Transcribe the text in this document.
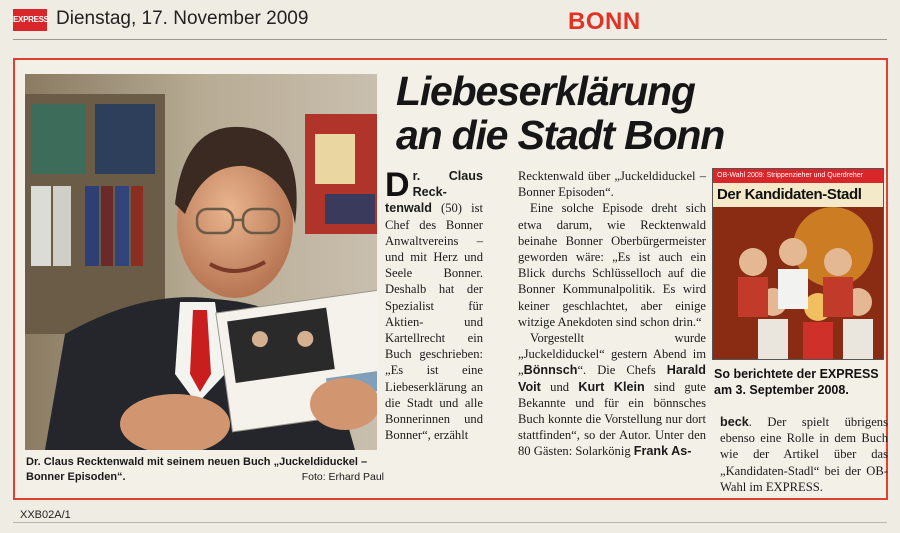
EXPRESS Dienstag, 17. November 2009	BONN
Dr. Claus Recktenwald mit seinem neuen Buch „Juckeldiduckel – Bonner Episoden“.	Foto: Erhard Paul
Liebeserklärung
an die Stadt Bonn

Dr. Claus Recktenwald (50) ist Chef des Bonner Anwaltvereins – und mit Herz und Seele Bonner. Deshalb hat der Spezialist für Aktien- und Kartellrecht ein Buch geschrieben: „Es ist eine Liebeserklärung an die Stadt und alle Bonnerinnen und Bonner“, erzählt

Recktenwald über „Juckeldiduckel – Bonner Episoden“.

Eine solche Episode dreht sich etwa darum, wie Recktenwald beinahe Bonner Oberbürgermeister geworden wäre: „Es ist auch ein Blick durchs Schlüsselloch auf die Bonner Kommunalpolitik. Es wird keiner geschlachtet, aber einige witzige Anekdoten sind schon drin.“

Vorgestellt wurde „Juckeldiduckel“ gestern Abend im „Bönnsch“. Die Chefs Harald Voit und Kurt Klein sind gute Bekannte und für ein bönnsches Buch konnte die Vorstellung nur dort stattfinden“, so der Autor. Unter den 80 Gästen: Solarkönig Frank As-

OB-Wahl 2009: Strippenzieher und Querdreher
Der Kandidaten-Stadl
So berichtete der EXPRESS am 3. September 2008.

beck. Der spielt übrigens ebenso eine Rolle in dem Buch wie der Artikel über das „Kandidaten-Stadl“ bei der OB-Wahl im EXPRESS.

XXB02A/1
